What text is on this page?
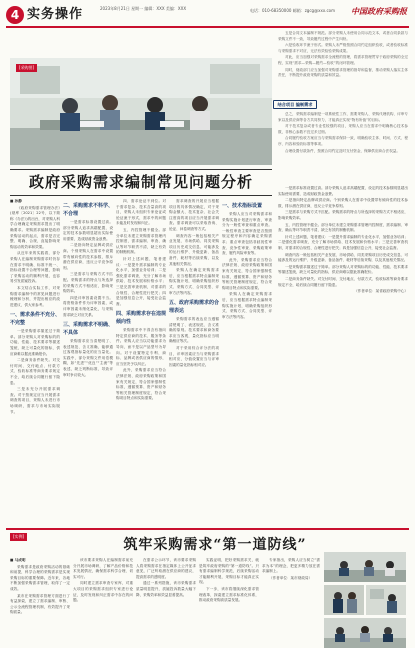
4 实务操作	2023年8月21日 星期一 编辑：XXX 美编：XXX	电话：010-68350000 邮箱：zgcg@xxx.com 中国政府采购报

五是合同文本编制不规范。部分采购人未使用合同示范文本，或者合同条款与采购文件不一致，导致履约过程中产生纠纷。

六是验收环节流于形式。采购人未严格按照合同约定组织验收，或者验收标准与采购需求不对应，无法有效检验采购成果。

对此，应当加强对采购需求全流程的管理，将需求管理贯穿于政府采购的全过程，实现“需求—采购—履约—验收”的闭环管理。

同时，财政部门应当加强对采购需求管理的指导和监督，推动采购人落实主体责任，不断提升政府采购的质量和效益。

结合项目 编制需求

总之，采购需求编制是一项系统性工作，需要采购人、采购代理机构、评审专家以及供应商等各方共同努力，才能真正实现“物有所值”的目标。

对于技术复杂或者专业性较强的项目，采购人应当在需求中明确核心技术参数，非核心参数不宜过多过细。

合同履约验收方案应当与采购需求保持一致，明确验收主体、时间、方式、程序、内容和验收标准等事项。

合理设置付款条件，按照合同约定及时支付资金，保障供应商合法权益。

[采购图]
政府采购需求编制常见问题分析

■ 孙静

《政府采购需求管理办法》(财库〔2021〕22号，以下简称《办法》)的出台，对采购人科学合理确定采购需求提出了明确要求。采购需求编制是政府采购活动的起点，需求是否完整、明确、合规，直接影响采购活动的效率和效果。

从近年来的实践看，部分采购人在编制采购需求时仍存在需求不明确、标准不统一、指标设置不合理等问题，影响了采购活动的顺利开展，也容易引发质疑投诉。

本文结合实际工作，对采购需求编制中的常见问题进行梳理和分析，并提出相应的改进建议，供大家参考。

一、需求条件不充分、不完整

一是采购需求描述过于简单。部分采购人对采购标的的功能、性能、技术要求等描述笼统，缺乏可量化的指标，供应商难以据此准确报价。

二是商务条件缺失。对交付时间、交付地点、付款方式、验收标准等商务要求规定不全，给后续合同履行留下隐患。

三是未充分开展需求调查。对于按规定应当开展需求调查的项目，采购人未进行市场调研，需求与市场实际脱节。

二、采购需求不科学、不合理

一是需求标准设置过高。部分采购人追求高端配置，设定的技术参数明显超出实际使用需要，造成财政资金浪费。

二是指向特定品牌或供应商。个别采购人在需求中设置带有倾向性的技术参数，排斥潜在供应商，违反公平竞争原则。

三是需求与采购方式不匹配。采购需求的特点与所选择的采购方式不相适应，影响采购效率。

四是评审因素设置不当。将资格条件作为评审因素，或评审因素未细化量化，与采购需求缺乏对应关系。

三、采购需求不明确、不具体

采购需求应当清楚明了、表述规范、含义准确，能够通过客观指标量化的应当量化。实践中，部分采购文件用语模糊，如“先进”“优良”“主流”等表述，缺乏判断标准，导致评审时争议较大。

四、需求论证不到位。对于需求复杂、技术含量高的项目，采购人未组织专家论证或论证流于形式，需求中的问题未能及时发现和纠正。

五、内控管理不健全。部分单位未建立采购需求管理内控制度，需求编制、审查、确认等环节职责不清，缺乏有效的制衡机制。

针对上述问题，笔者建议：一是提升需求编制的专业化水平，加强业务培训；二是强化需求调查，充分了解市场供给、技术发展和价格水平；三是完善审查机制，对需求的合规性、合理性进行把关；四是加强信息公开，接受社会监督。

四、采购需求存在违规倾向性

采购需求中不得含有指向特定供应商的技术、服务等条件。采购人应当以功能需求为导向，而不是以产品型号为导向。对于设置特定专利、商标、品牌或者供应商的情形，应当坚决予以纠正。

此外，采购需求应当符合法律法规、政府采购政策和国家有关规定，符合国家强制性标准，遵循预算、资产和财务等相关管理制度规定，符合采购项目特点和实际需要。

需求调查的开展应当根据项目的具体情况确定，对于采购金额大、技术复杂、社会关注度高的项目应当开展需求调查。需求调查可以采取咨询、论证、问卷调查等方式。

调查内容一般包括相关产业发展、市场供给、同类采购项目历史成交信息、可能涉及的运行维护、升级更新、备品备件、耗材等后续采购，以及其他相关情况。

采购人在确定采购需求后，应当根据需求特点编制采购实施计划，明确采购组织形式、采购方式、合同类型、评审方法等内容。

五、政府采购需求的合理表达

采购需求的表达应当遵循清楚明了、表述规范、含义准确的原则。技术要求和商务要求应当客观，量化指标应当明确相应等次。

对于采用综合评分法的项目，评审因素应当与采购需求相对应，分值设置应当与评审因素的量化指标相对应。

一、技术指标设置

采购人应当对采购需求和采购实施计划进行审查，审查分为一般性审查和重点审查。一般性审查主要审查是否按照规定程序和内容确定采购需求；重点审查包括非歧视性审查、竞争性审查、采购政策审查、履约风险审查等。

此外，采购需求应当符合法律法规、政府采购政策和国家有关规定，符合国家强制性标准，遵循预算、资产和财务等相关管理制度规定，符合采购项目特点和实际需要。

采购人在确定采购需求后，应当根据需求特点编制采购实施计划，明确采购组织形式、采购方式、合同类型、评审方法等内容。

一是需求标准设置过高。部分采购人追求高端配置，设定的技术参数明显超出实际使用需要，造成财政资金浪费。

二是指向特定品牌或供应商。个别采购人在需求中设置带有倾向性的技术参数，排斥潜在供应商，违反公平竞争原则。

三是需求与采购方式不匹配。采购需求的特点与所选择的采购方式不相适应，影响采购效率。

五、内控管理不健全。部分单位未建立采购需求管理内控制度，需求编制、审查、确认等环节职责不清，缺乏有效的制衡机制。

针对上述问题，笔者建议：一是提升需求编制的专业化水平，加强业务培训；二是强化需求调查，充分了解市场供给、技术发展和价格水平；三是完善审查机制，对需求的合规性、合理性进行把关；四是加强信息公开，接受社会监督。

调查内容一般包括相关产业发展、市场供给、同类采购项目历史成交信息、可能涉及的运行维护、升级更新、备品备件、耗材等后续采购，以及其他相关情况。

一是采购需求描述过于简单。部分采购人对采购标的的功能、性能、技术要求等描述笼统，缺乏可量化的指标，供应商难以据此准确报价。

二是商务条件缺失。对交付时间、交付地点、付款方式、验收标准等商务要求规定不全，给后续合同履行留下隐患。

（作者单位：某省政府采购中心）

[实例]
筑牢采购需求“第一道防线”

■ 马成明

采购需求是政府采购活动的基础和前提，科学合理的采购需求是实现采购目标的重要保障。近年来，各地不断加强采购需求管理，取得了一定成效。

某市在采购需求管理方面进行了有益探索，建立了需求编制、审核、公示全流程管理机制，有效提升了采购质量。

该市要求采购人在编制需求前充分开展市场调研，了解产品价格和技术发展情况，确保需求科学合理、切实可行。

同时建立需求审查专家库，对重大项目的采购需求组织专家进行论证，及时发现和纠正需求中存在的问题。

在需求公示环节，该市要求采购人将采购需求在指定媒体上公开征求意见，广泛听取潜在供应商的建议，提高需求的透明度。

通过一系列措施，该市采购需求质量明显提升，质疑投诉数量大幅下降，采购效率和效益显著提高。

实践证明，把好采购需求关，就是筑牢政府采购的“第一道防线”。只有需求编制科学规范，后续采购活动才能顺利开展，采购目标才能真正实现。

下一步，该市将继续深化需求管理改革，探索建立需求标准化体系，推动政府采购高质量发展。

专家指出，采购人应当树立“需求为本”的理念，把更多精力放在需求编制上。

（作者单位：某市财政局）
